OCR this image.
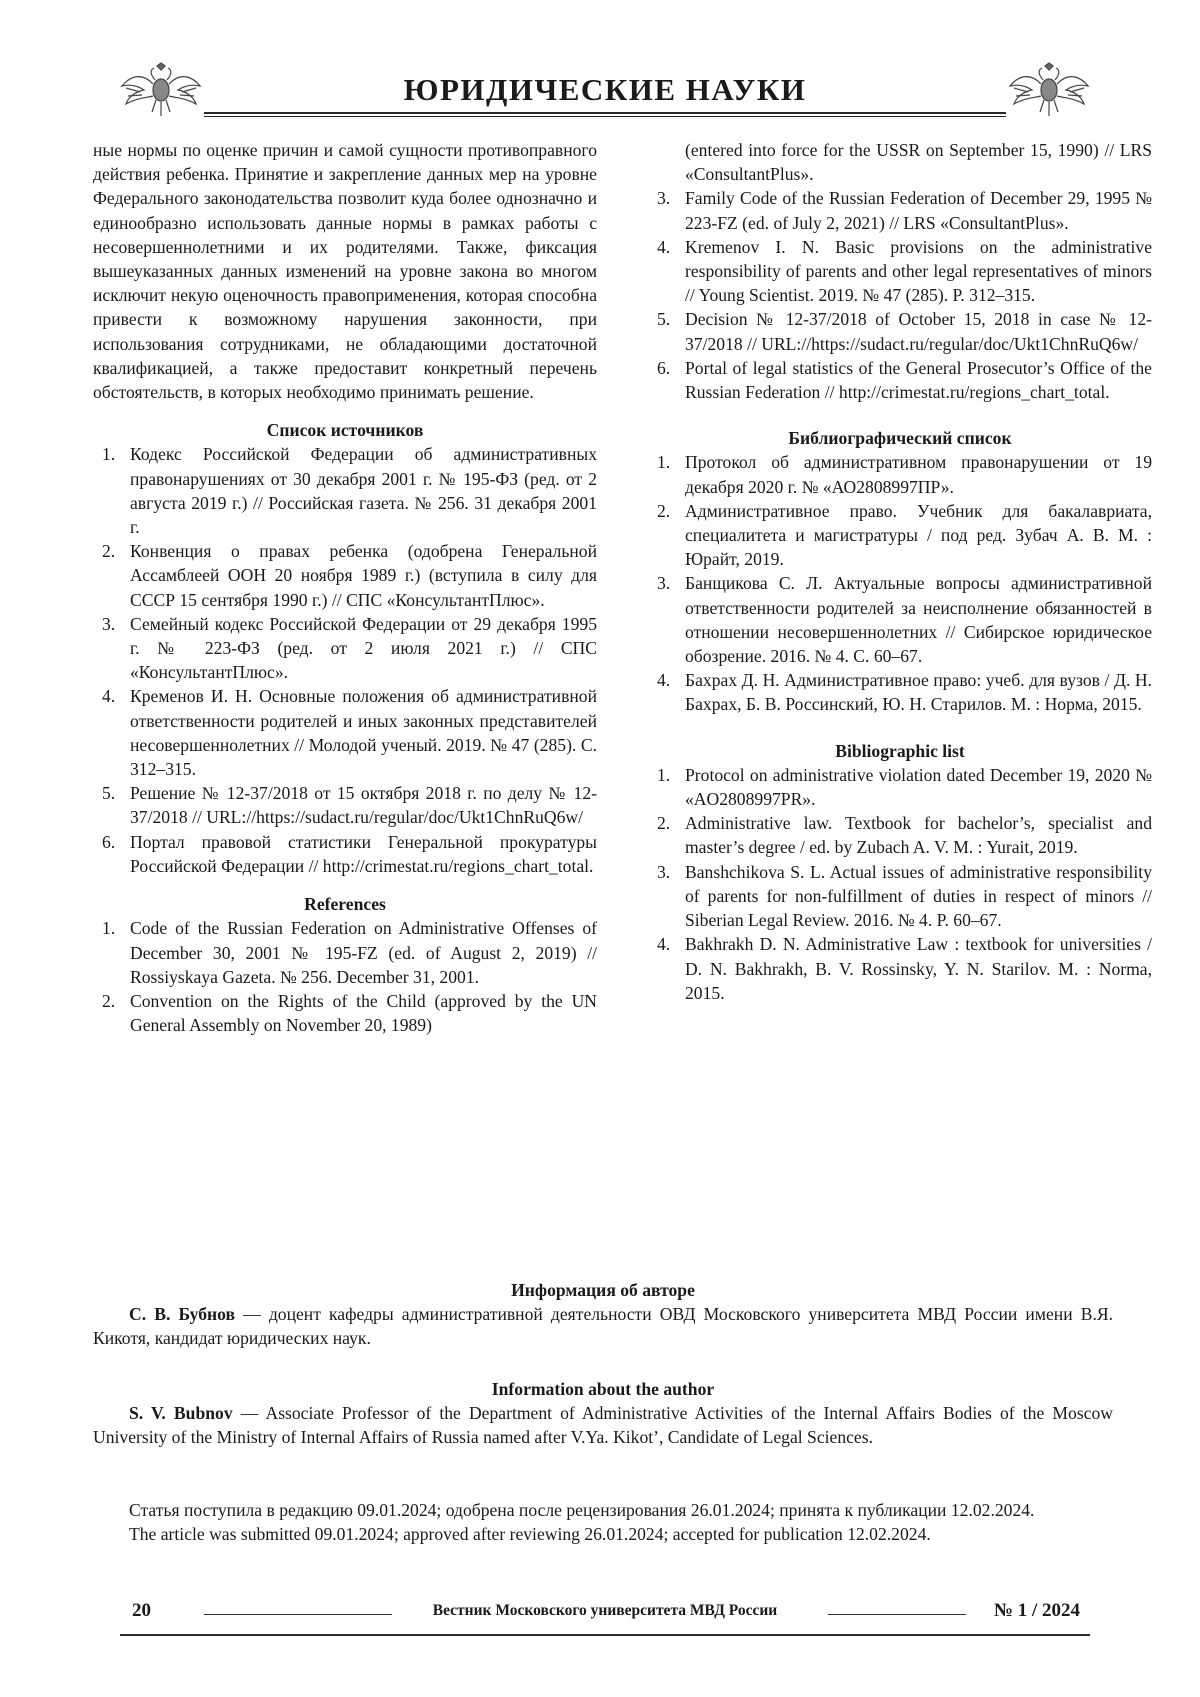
ЮРИДИЧЕСКИЕ НАУКИ

ные нормы по оценке причин и самой сущности противоправного действия ребенка. Принятие и закрепление данных мер на уровне Федерального законодательства позволит куда более однозначно и единообразно использовать данные нормы в рамках работы с несовершеннолетними и их родителями. Также, фиксация вышеуказанных данных изменений на уровне закона во многом исключит некую оценочность правоприменения, которая способна привести к возможному нарушения законности, при использования сотрудниками, не обладающими достаточной квалификацией, а также предоставит конкретный перечень обстоятельств, в которых необходимо принимать решение.

Список источников
1. Кодекс Российской Федерации об административных правонарушениях от 30 декабря 2001 г. № 195-ФЗ (ред. от 2 августа 2019 г.) // Российская газета. № 256. 31 декабря 2001 г.
2. Конвенция о правах ребенка (одобрена Генеральной Ассамблеей ООН 20 ноября 1989 г.) (вступила в силу для СССР 15 сентября 1990 г.) // СПС «КонсультантПлюс».
3. Семейный кодекс Российской Федерации от 29 декабря 1995 г. № 223-ФЗ (ред. от 2 июля 2021 г.) // СПС «КонсультантПлюс».
4. Кременов И. Н. Основные положения об административной ответственности родителей и иных законных представителей несовершеннолетних // Молодой ученый. 2019. № 47 (285). С. 312–315.
5. Решение № 12-37/2018 от 15 октября 2018 г. по делу № 12-37/2018 // URL://https://sudact.ru/regular/doc/Ukt1ChnRuQ6w/
6. Портал правовой статистики Генеральной прокуратуры Российской Федерации // http://crimestat.ru/regions_chart_total.
References
1. Code of the Russian Federation on Administrative Offenses of December 30, 2001 № 195-FZ (ed. of August 2, 2019) // Rossiyskaya Gazeta. № 256. December 31, 2001.
2. Convention on the Rights of the Child (approved by the UN General Assembly on November 20, 1989)
(entered into force for the USSR on September 15, 1990) // LRS «ConsultantPlus».
3. Family Code of the Russian Federation of December 29, 1995 № 223-FZ (ed. of July 2, 2021) // LRS «ConsultantPlus».
4. Kremenov I. N. Basic provisions on the administrative responsibility of parents and other legal representatives of minors // Young Scientist. 2019. № 47 (285). P. 312–315.
5. Decision № 12-37/2018 of October 15, 2018 in case № 12-37/2018 // URL://https://sudact.ru/regular/doc/Ukt1ChnRuQ6w/
6. Portal of legal statistics of the General Prosecutor’s Office of the Russian Federation // http://crimestat.ru/regions_chart_total.
Библиографический список
1. Протокол об административном правонарушении от 19 декабря 2020 г. № «АО2808997ПР».
2. Административное право. Учебник для бакалавриата, специалитета и магистратуры / под ред. Зубач А. В. М. : Юрайт, 2019.
3. Банщикова С. Л. Актуальные вопросы административной ответственности родителей за неисполнение обязанностей в отношении несовершеннолетних // Сибирское юридическое обозрение. 2016. № 4. С. 60–67.
4. Бахрах Д. Н. Административное право: учеб. для вузов / Д. Н. Бахрах, Б. В. Россинский, Ю. Н. Старилов. М. : Норма, 2015.
Bibliographic list
1. Protocol on administrative violation dated December 19, 2020 № «AO2808997PR».
2. Administrative law. Textbook for bachelor’s, specialist and master’s degree / ed. by Zubach A. V. M. : Yurait, 2019.
3. Banshchikova S. L. Actual issues of administrative responsibility of parents for non-fulfillment of duties in respect of minors // Siberian Legal Review. 2016. № 4. P. 60–67.
4. Bakhrakh D. N. Administrative Law : textbook for universities / D. N. Bakhrakh, B. V. Rossinsky, Y. N. Starilov. M. : Norma, 2015.
Информация об авторе
С. В. Бубнов — доцент кафедры административной деятельности ОВД Московского университета МВД России имени В.Я. Кикотя, кандидат юридических наук.
Information about the author
S. V. Bubnov — Associate Professor of the Department of Administrative Activities of the Internal Affairs Bodies of the Moscow University of the Ministry of Internal Affairs of Russia named after V.Ya. Kikot’, Candidate of Legal Sciences.

Статья поступила в редакцию 09.01.2024; одобрена после рецензирования 26.01.2024; принята к публикации 12.02.2024.

The article was submitted 09.01.2024; approved after reviewing 26.01.2024; accepted for publication 12.02.2024.

20	Вестник Московского университета МВД России	№ 1 / 2024
